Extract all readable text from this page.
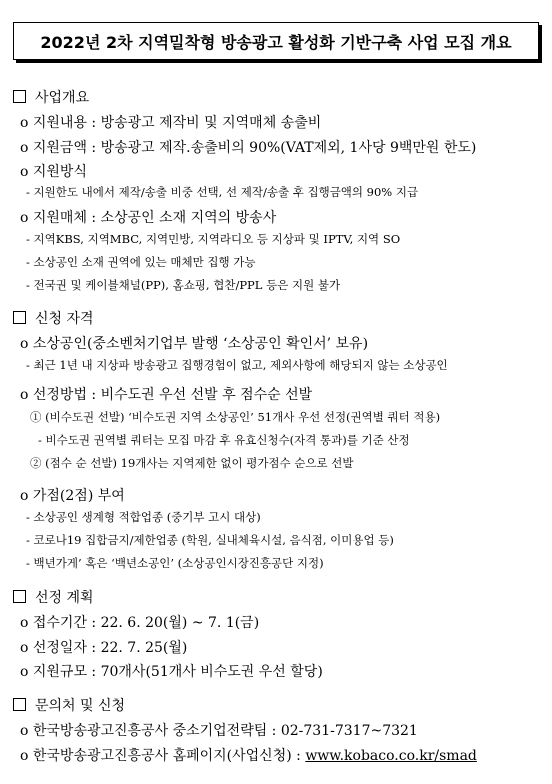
2022년 2차 지역밀착형 방송광고 활성화 기반구축 사업 모집 개요
사업개요
o 지원내용 : 방송광고 제작비 및 지역매체 송출비
o 지원금액 : 방송광고 제작.송출비의 90%(VAT제외, 1사당 9백만원 한도)
o 지원방식
- 지원한도 내에서 제작/송출 비중 선택, 선 제작/송출 후 집행금액의 90% 지급
o 지원매체 : 소상공인 소재 지역의 방송사
- 지역KBS, 지역MBC, 지역민방, 지역라디오 등 지상파 및 IPTV, 지역 SO
- 소상공인 소재 권역에 있는 매체만 집행 가능
- 전국권 및 케이블채널(PP), 홈쇼핑, 협찬/PPL 등은 지원 불가
신청 자격
o 소상공인(중소벤처기업부 발행 ‘소상공인 확인서’ 보유)
- 최근 1년 내 지상파 방송광고 집행경험이 없고, 제외사항에 해당되지 않는 소상공인
o 선정방법 : 비수도권 우선 선발 후 점수순 선발
① (비수도권 선발) ‘비수도권 지역 소상공인’ 51개사 우선 선정(권역별 쿼터 적용)
- 비수도권 권역별 쿼터는 모집 마감 후 유효신청수(자격 통과)를 기준 산정
② (점수 순 선발) 19개사는 지역제한 없이 평가점수 순으로 선발
o 가점(2점) 부여
- 소상공인 생계형 적합업종 (중기부 고시 대상)
- 코로나19 집합금지/제한업종 (학원, 실내체육시설, 음식점, 이미용업 등)
- 백년가게’ 혹은 ‘백년소공인’ (소상공인시장진흥공단 지정)
선정 계획
o 접수기간 : 22. 6. 20(월) ~ 7. 1(금)
o 선정일자 : 22. 7. 25(월)
o 지원규모 : 70개사(51개사 비수도권 우선 할당)
문의처 및 신청
o 한국방송광고진흥공사 중소기업전략팀 : 02-731-7317~7321
o 한국방송광고진흥공사 홈페이지(사업신청) : www.kobaco.co.kr/smad
